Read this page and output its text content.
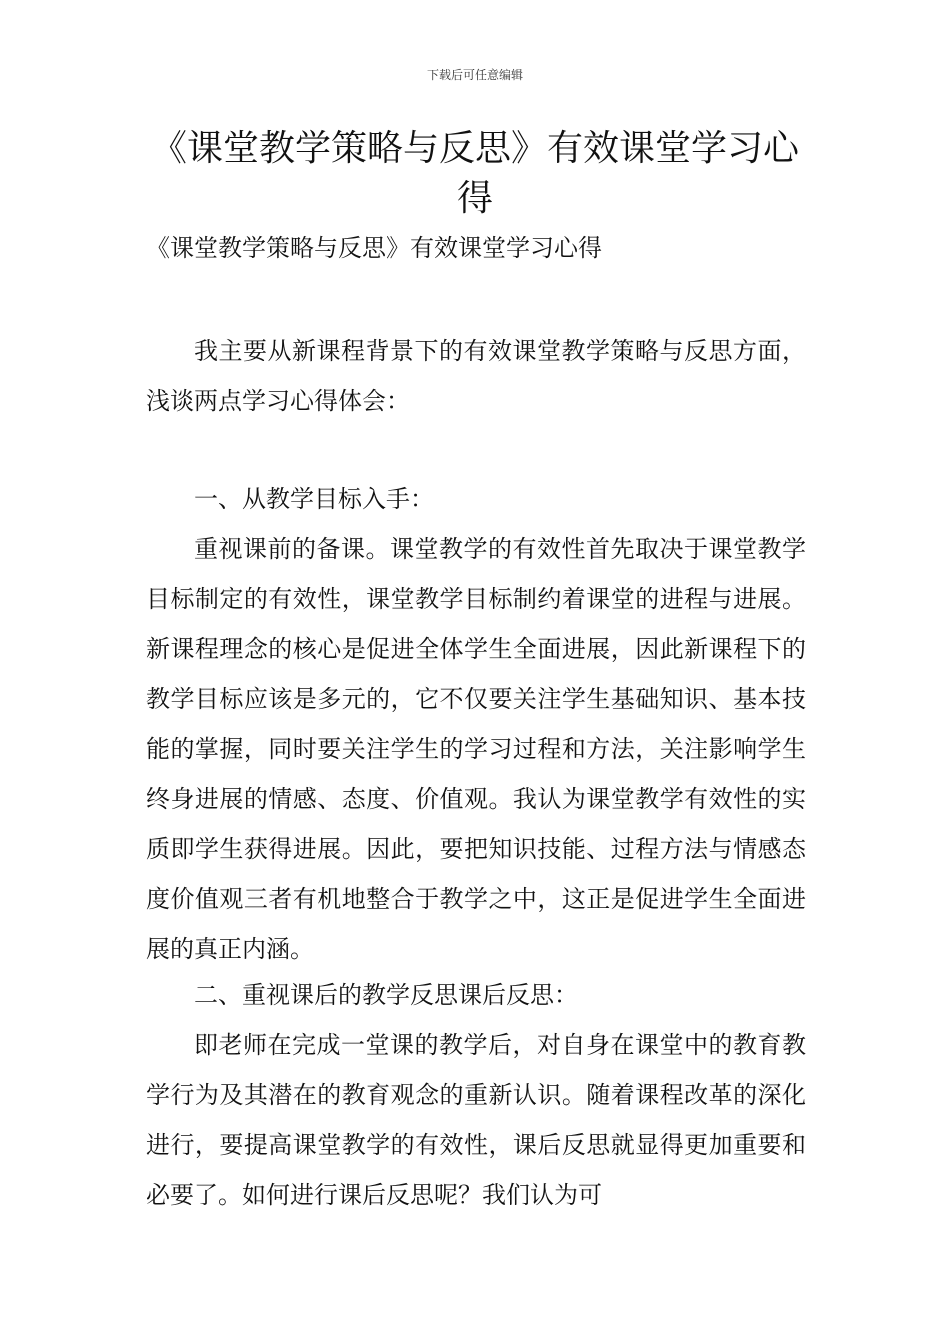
下载后可任意编辑
《课堂教学策略与反思》有效课堂学习心得
《课堂教学策略与反思》有效课堂学习心得

我主要从新课程背景下的有效课堂教学策略与反思方面，浅谈两点学习心得体会：

一、从教学目标入手：

重视课前的备课。课堂教学的有效性首先取决于课堂教学目标制定的有效性，课堂教学目标制约着课堂的进程与进展。新课程理念的核心是促进全体学生全面进展，因此新课程下的教学目标应该是多元的，它不仅要关注学生基础知识、基本技能的掌握，同时要关注学生的学习过程和方法，关注影响学生终身进展的情感、态度、价值观。我认为课堂教学有效性的实质即学生获得进展。因此，要把知识技能、过程方法与情感态度价值观三者有机地整合于教学之中，这正是促进学生全面进展的真正内涵。

二、重视课后的教学反思课后反思：

即老师在完成一堂课的教学后，对自身在课堂中的教育教学行为及其潜在的教育观念的重新认识。随着课程改革的深化进行，要提高课堂教学的有效性，课后反思就显得更加重要和必要了。如何进行课后反思呢？我们认为可
